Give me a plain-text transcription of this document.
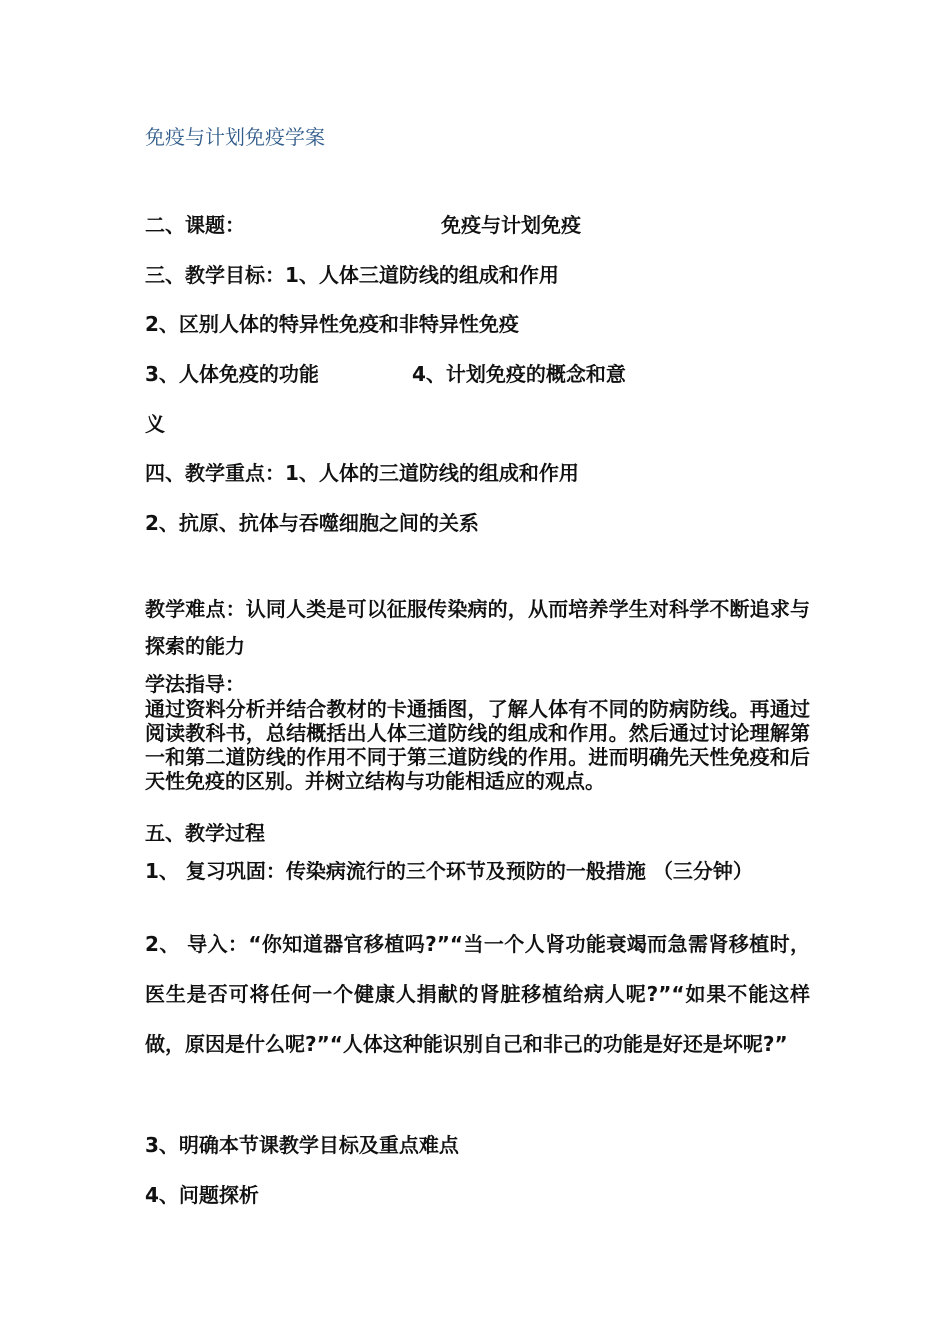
免疫与计划免疫学案
二、课题：	免疫与计划免疫
三、教学目标：1、人体三道防线的组成和作用
2、区别人体的特异性免疫和非特异性免疫
3、人体免疫的功能	4、计划免疫的概念和意
义
四、教学重点：1、人体的三道防线的组成和作用
2、抗原、抗体与吞噬细胞之间的关系
教学难点：认同人类是可以征服传染病的，从而培养学生对科学不断追求与探索的能力
学法指导：
通过资料分析并结合教材的卡通插图，了解人体有不同的防病防线。再通过阅读教科书，总结概括出人体三道防线的组成和作用。然后通过讨论理解第一和第二道防线的作用不同于第三道防线的作用。进而明确先天性免疫和后天性免疫的区别。并树立结构与功能相适应的观点。
五、教学过程
1、 复习巩固：传染病流行的三个环节及预防的一般措施 （三分钟）
2、 导入：“你知道器官移植吗?”“当一个人肾功能衰竭而急需肾移植时，医生是否可将任何一个健康人捐献的肾脏移植给病人呢?”“如果不能这样做，原因是什么呢?”“人体这种能识别自己和非己的功能是好还是坏呢?”
3、明确本节课教学目标及重点难点
4、问题探析
